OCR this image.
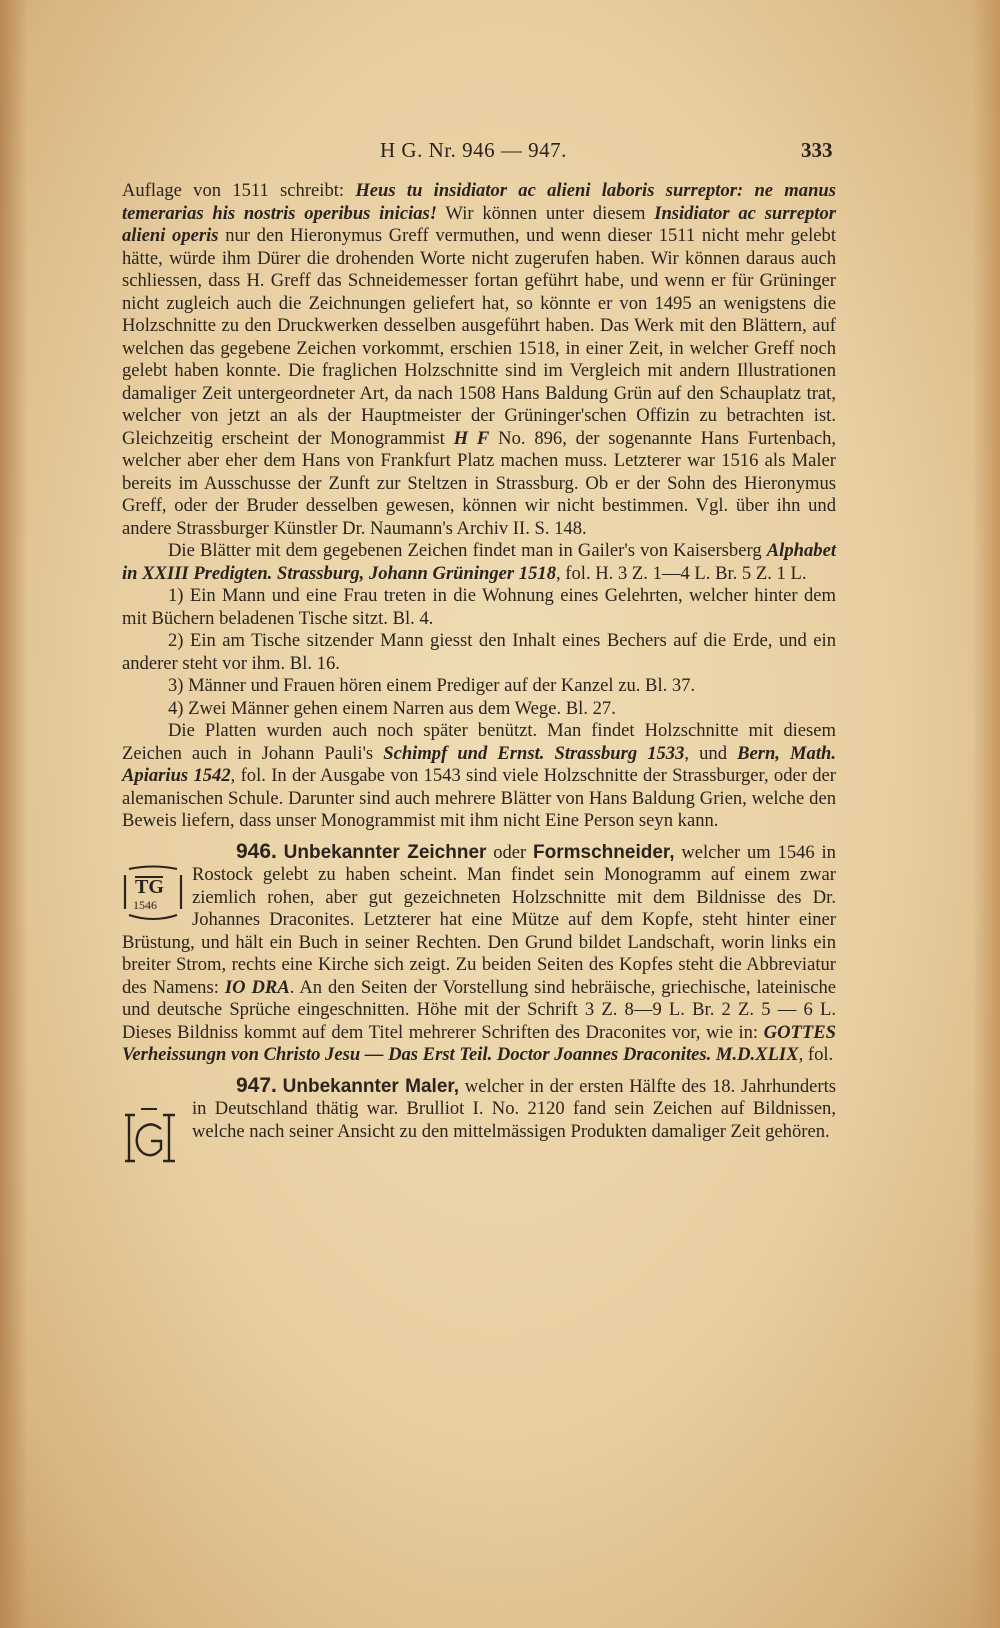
H G. Nr. 946 — 947.	333

Auflage von 1511 schreibt: Heus tu insidiator ac alieni laboris surreptor: ne manus temerarias his nostris operibus inicias! Wir können unter diesem Insidiator ac surreptor alieni operis nur den Hieronymus Greff vermuthen, und wenn dieser 1511 nicht mehr gelebt hätte, würde ihm Dürer die drohenden Worte nicht zugerufen haben. Wir können daraus auch schliessen, dass H. Greff das Schneidemesser fortan geführt habe, und wenn er für Grüninger nicht zugleich auch die Zeichnungen geliefert hat, so könnte er von 1495 an wenigstens die Holzschnitte zu den Druckwerken desselben ausgeführt haben. Das Werk mit den Blättern, auf welchen das gegebene Zeichen vorkommt, erschien 1518, in einer Zeit, in welcher Greff noch gelebt haben konnte. Die fraglichen Holzschnitte sind im Vergleich mit andern Illustrationen damaliger Zeit untergeordneter Art, da nach 1508 Hans Baldung Grün auf den Schauplatz trat, welcher von jetzt an als der Hauptmeister der Grüninger'schen Offizin zu betrachten ist. Gleichzeitig erscheint der Monogrammist H F No. 896, der sogenannte Hans Furtenbach, welcher aber eher dem Hans von Frankfurt Platz machen muss. Letzterer war 1516 als Maler bereits im Ausschusse der Zunft zur Steltzen in Strassburg. Ob er der Sohn des Hieronymus Greff, oder der Bruder desselben gewesen, können wir nicht bestimmen. Vgl. über ihn und andere Strassburger Künstler Dr. Naumann's Archiv II. S. 148.

Die Blätter mit dem gegebenen Zeichen findet man in Gailer's von Kaisersberg Alphabet in XXIII Predigten. Strassburg, Johann Grüninger 1518, fol. H. 3 Z. 1—4 L. Br. 5 Z. 1 L.

1) Ein Mann und eine Frau treten in die Wohnung eines Gelehrten, welcher hinter dem mit Büchern beladenen Tische sitzt. Bl. 4.

2) Ein am Tische sitzender Mann giesst den Inhalt eines Bechers auf die Erde, und ein anderer steht vor ihm. Bl. 16.

3) Männer und Frauen hören einem Prediger auf der Kanzel zu. Bl. 37.

4) Zwei Männer gehen einem Narren aus dem Wege. Bl. 27.

Die Platten wurden auch noch später benützt. Man findet Holzschnitte mit diesem Zeichen auch in Johann Pauli's Schimpf und Ernst. Strassburg 1533, und Bern, Math. Apiarius 1542, fol. In der Ausgabe von 1543 sind viele Holzschnitte der Strassburger, oder der alemanischen Schule. Darunter sind auch mehrere Blätter von Hans Baldung Grien, welche den Beweis liefern, dass unser Monogrammist mit ihm nicht Eine Person seyn kann.

946. Unbekannter Zeichner oder Formschneider, welcher um 1546 in Rostock gelebt zu haben scheint. Man findet sein Monogramm auf einem zwar ziemlich rohen, aber gut gezeichneten Holzschnitte mit dem Bildnisse des Dr. Johannes Draconites. Letzterer hat eine Mütze auf dem Kopfe, steht hinter einer Brüstung, und hält ein Buch in seiner Rechten. Den Grund bildet Landschaft, worin links ein breiter Strom, rechts eine Kirche sich zeigt. Zu beiden Seiten des Kopfes steht die Abbreviatur des Namens: IO DRA. An den Seiten der Vorstellung sind hebräische, griechische, lateinische und deutsche Sprüche eingeschnitten. Höhe mit der Schrift 3 Z. 8—9 L. Br. 2 Z. 5 — 6 L. Dieses Bildniss kommt auf dem Titel mehrerer Schriften des Draconites vor, wie in: GOTTES Verheissungn von Christo Jesu — Das Erst Teil. Doctor Joannes Draconites. M.D.XLIX, fol.

947. Unbekannter Maler, welcher in der ersten Hälfte des 18. Jahrhunderts in Deutschland thätig war. Brulliot I. No. 2120 fand sein Zeichen auf Bildnissen, welche nach seiner Ansicht zu den mittelmässigen Produkten damaliger Zeit gehören.

TG
1546
